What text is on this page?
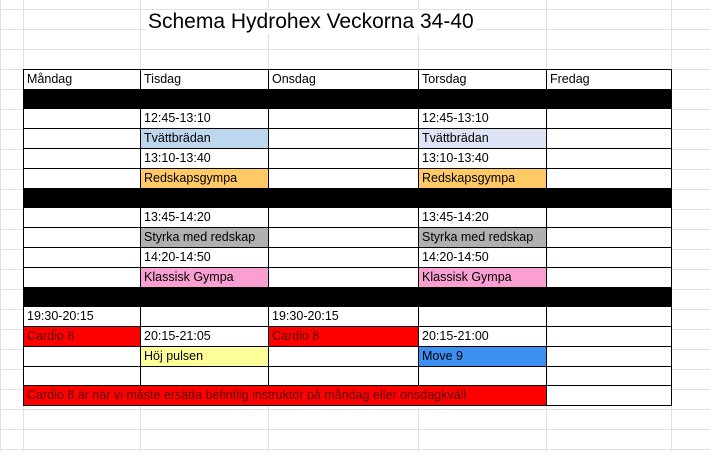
Schema Hydrohex Veckorna 34-40
Måndag	Tisdag	Onsdag	Torsdag	Fredag

	12:45-13:10		12:45-13:10	
	Tvättbrädan		Tvättbrädan	
	13:10-13:40		13:10-13:40	
	Redskapsgympa		Redskapsgympa	

	13:45-14:20		13:45-14:20	
	Styrka med redskap		Styrka med redskap	
	14:20-14:50		14:20-14:50	
	Klassisk Gympa		Klassisk Gympa	

19:30-20:15		19:30-20:15		
Cardio 8	20:15-21:05	Cardio 8	20:15-21:00	
	Höj pulsen		Move 9	

Cardio 8 är när vi måste ersätta befintlig instruktör på måndag eller onsdagkväll				
